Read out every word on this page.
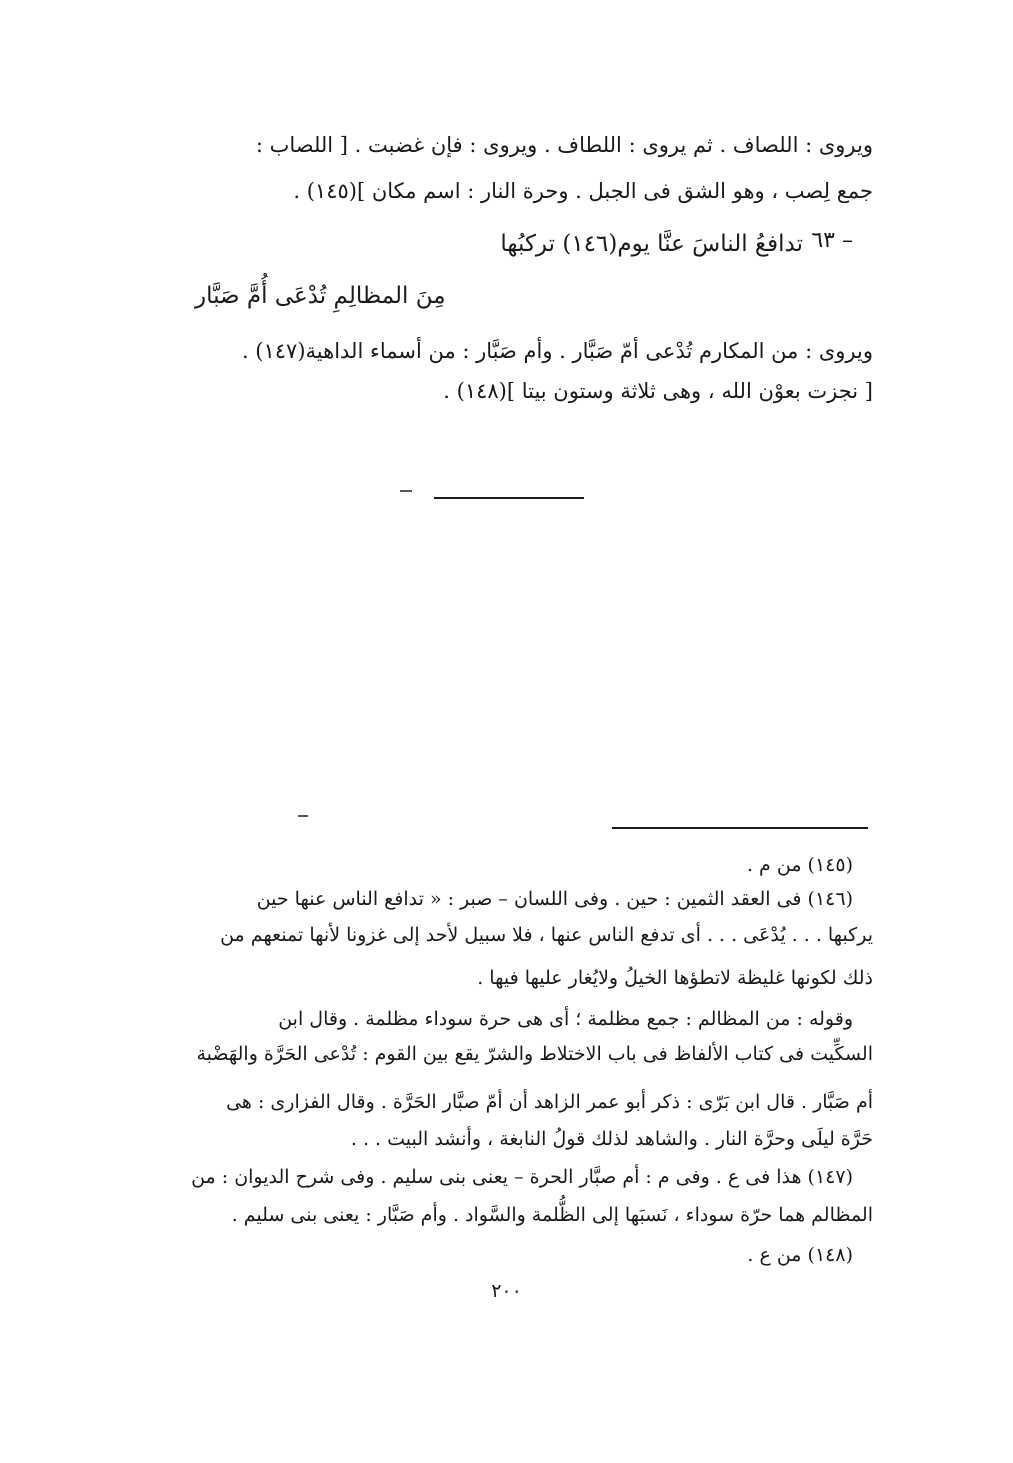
ويروى : اللصاف . ثم يروى : اللطاف . ويروى : فإن غضبت . [ اللصاب :
جمع لِصب ، وهو الشق فى الجبل . وحرة النار : اسم مكان ](١٤٥) .
تدافعُ الناسَ عنَّا يوم(١٤٦) تركبُها ٦٣ –
مِنَ المظالِمِ تُدْعَى أُمَّ صَبَّار
ويروى : من المكارم تُدْعى أمّ صَبَّار . وأم صَبَّار : من أسماء الداهية(١٤٧) .
[ نجزت بعوْن الله ، وهى ثلاثة وستون بيتا ](١٤٨) .
(١٤٥) من م .
(١٤٦) فى العقد الثمين : حين . وفى اللسان – صبر : « تدافع الناس عنها حين
يركبها . . . يُدْعَى . . . أى تدفع الناس عنها ، فلا سبيل لأحد إلى غزونا لأنها تمنعهم من
ذلك لكونها غليظة لاتطؤها الخيلُ ولايُغار عليها فيها .
وقوله : من المظالم : جمع مظلمة ؛ أى هى حرة سوداء مظلمة . وقال ابن
السكِّيت فى كتاب الألفاظ فى باب الاختلاط والشرّ يقع بين القوم : تُدْعى الحَرَّة والهَضْبة
أم صَبَّار . قال ابن بَرّى : ذكر أبو عمر الزاهد أن أمّ صبَّار الحَرَّة . وقال الفزارى : هى
حَرَّة ليلَى وحرَّة النار . والشاهد لذلك قولُ النابغة ، وأنشد البيت . . .
(١٤٧) هذا فى ع . وفى م : أم صبَّار الحرة – يعنى بنى سليم . وفى شرح الديوان : من
المظالم هما حرّة سوداء ، نَسبَها إلى الظُّلمة والسَّواد . وأم صَبَّار : يعنى بنى سليم .
(١٤٨) من ع .
٢٠٠
